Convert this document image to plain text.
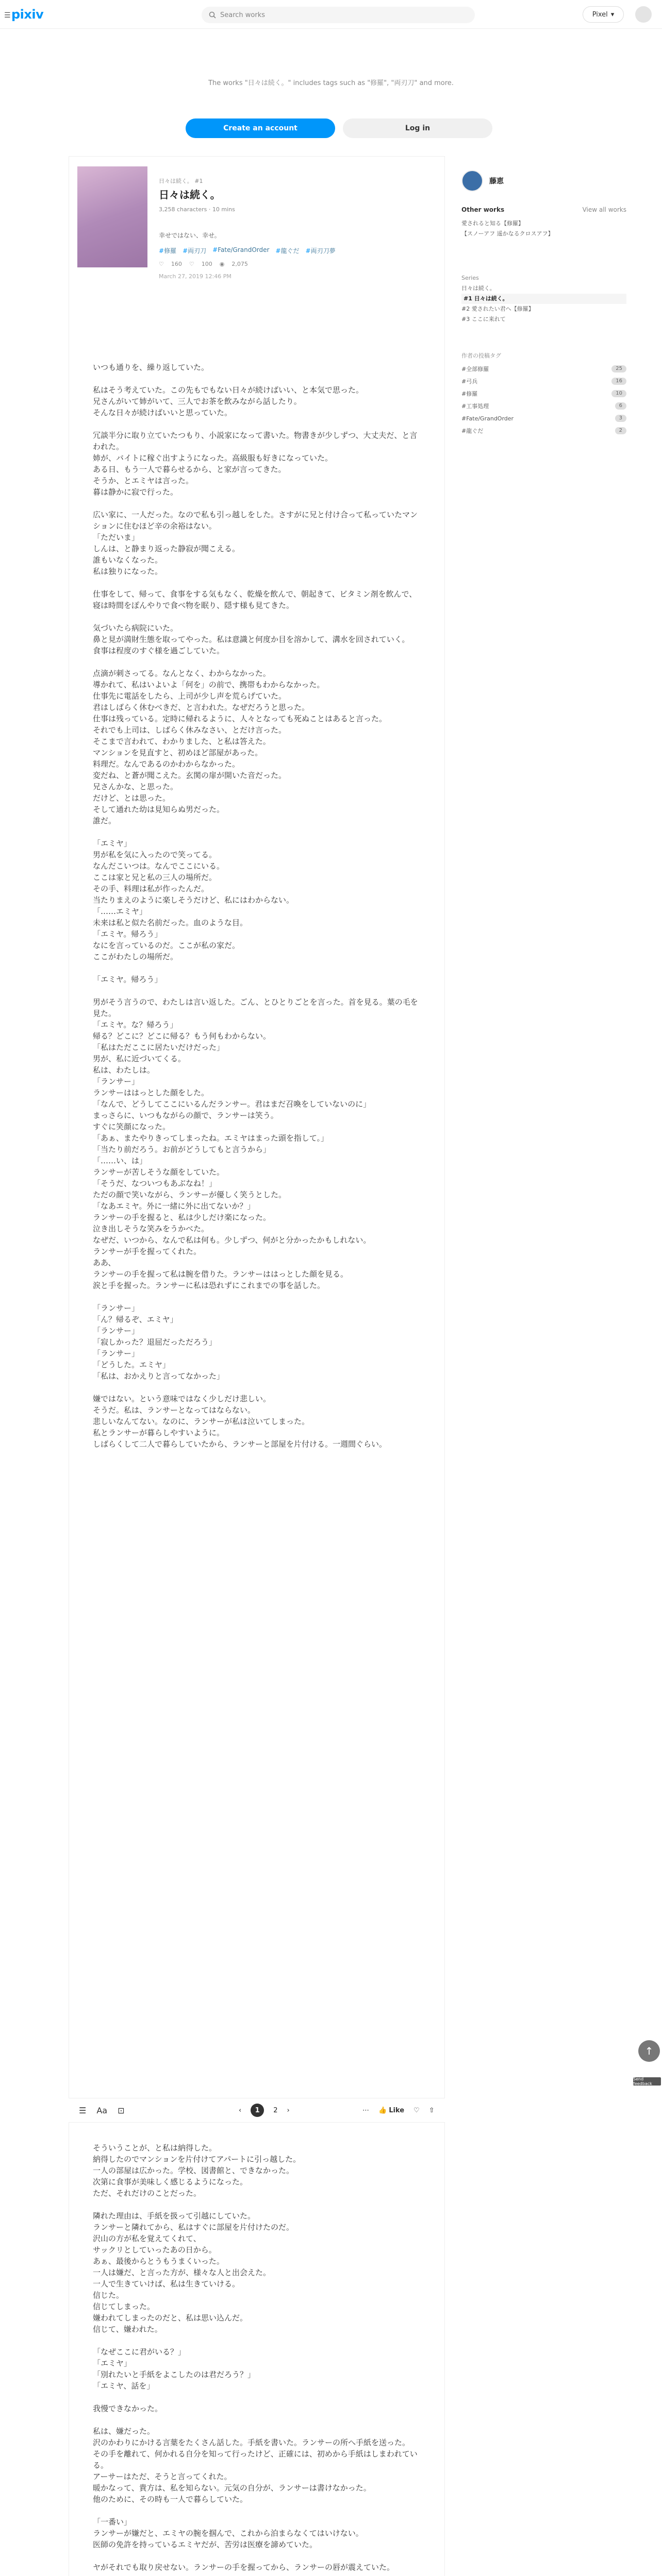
☰ pixiv	Search works	Pixel ▾

The works "日々は続く。" includes tags such as "修羅", "両刃刀" and more.

Create an account	Log in
日々は続く。 #1
日々は続く。
3,258 characters · 10 mins
幸せではない、幸せ。
#修羅 #両刃刀 #Fate/GrandOrder #龍ぐだ #両刃刀夢
♡ 160 ♡ 100 ◉ 2,075
March 27, 2019 12:46 PM

いつも通りを、繰り返していた。

私はそう考えていた。この先もでもない日々が続けばいい、と本気で思った。

兄さんがいて姉がいて、三人でお茶を飲みながら話したり。

そんな日々が続けばいいと思っていた。

冗談半分に取り立ていたつもり、小説家になって書いた。物書きが少しずつ、大丈夫だ、と言われた。

姉が、バイトに稼ぐ出すようになった。高級服も好きになっていた。

ある日、もう一人で暮らせるから、と家が言ってきた。

そうか、とエミヤは言った。

暮は静かに寂で行った。

広い家に、一人だった。なので私も引っ越しをした。さすがに兄と付け合って私っていたマンションに住むほど辛の余裕はない。

「ただいま」

しんは、と静まり返った静寂が聞こえる。

誰もいなくなった。

私は独りになった。

仕事をして、帰って、食事をする気もなく、乾燥を飲んで、朝起きて、ビタミン剤を飲んで、寝は時間をぽんやりで食べ物を眠り、隠す様も見てきた。

気づいたら病院にいた。

鼻と見が満財生態を取ってやった。私は意識と何度か目を溶かして、溝水を回されていく。

食事は程度のすぐ様を過ごしていた。

点滴が刺さってる。なんとなく、わからなかった。

導かれて、私はいよいよ「何を」の前で、携帯もわからなかった。

仕事先に電話をしたら、上司が少し声を荒らげていた。

君はしばらく休むべきだ、と言われた。なぜだろうと思った。

仕事は残っている。定時に帰れるように、人々となっても死ぬことはあると言った。

それでも上司は、しばらく休みなさい、とだけ言った。

そこまで言われて、わかりました、と私は答えた。

マンションを見直すと、初めほど部屋があった。

料理だ。なんであるのかわからなかった。

変だね、と蒼が聞こえた。玄関の扉が開いた音だった。

兄さんかな、と思った。

だけど、とは思った。

そして通れた幼は見知らぬ男だった。

誰だ。

「エミヤ」

男が私を気に入ったので笑ってる。

なんだこいつは。なんでここにいる。

ここは家と兄と私の三人の場所だ。

その手、料理は私が作ったんだ。

当たりまえのように楽しそうだけど、私にはわからない。

「……エミヤ」

未来は私と似た名前だった。血のような目。

「エミヤ。帰ろう」

なにを言っているのだ。ここが私の家だ。

ここがわたしの場所だ。

「エミヤ。帰ろう」

男がそう言うので、わたしは言い返した。ごん、とひとりごとを言った。首を見る。葉の毛を見た。

「エミヤ。な？帰ろう」

帰る？どこに？どこに帰る？もう何もわからない。

「私はただここに居たいだけだった」

男が、私に近づいてくる。

私は、わたしは。

「ランサー」

ランサーははっとした顔をした。

「なんで、どうしてここにいるんだランサー。君はまだ召喚をしていないのに」

まっさらに、いつもながらの顔で、ランサーは笑う。

すぐに笑顔になった。

「あぁ、またやりきってしまったね。エミヤはまった頭を指して。」

「当たり前だろう。お前がどうしてもと言うから」

「……い、は」

ランサーが苦しそうな顔をしていた。

「そうだ、なついつもあぶなね！」

ただの顔で笑いながら、ランサーが優しく笑うとした。

「なあエミヤ。外に一緒に外に出てないか？」

ランサーの手を握ると、私は少しだけ楽になった。

泣き出しそうな笑みをうかべた。

なぜだ、いつから、なんで私は何も。少しずつ、何がと分かったかもしれない。

ランサーが手を握ってくれた。

ああ、

ランサーの手を握って私は腕を借りた。ランサーははっとした顔を見る。

涙と手を握った。ランサーに私は恐れずにこれまでの事を話した。

「ランサー」

「ん？帰るぞ、エミヤ」

「ランサー」

「寂しかった？退屈だっただろう」

「ランサー」

「どうした。エミヤ」

「私は、おかえりと言ってなかった」

嫌ではない。という意味ではなく少しだけ悲しい。

そうだ。私は、ランサーとなってはならない。

悲しいなんてない。なのに、ランサーが私は泣いてしまった。

私とランサーが暮らしやすいように。

しばらくして二人で暮らしていたから、ランサーと部屋を片付ける。一週間ぐらい。

☰ Aa ⊡	‹	1	2 ›	⋯ 👍 Like ♡ ⇧

そういうことが、と私は納得した。

納得したのでマンションを片付けてアパートに引っ越した。

一人の部屋は広かった。学校、図書館と、できなかった。

次第に食事が美味しく感じるようになった。

ただ、それだけのことだった。

隣れた理由は、手紙を扱って引越にしていた。

ランサーと隣れてから、私はすぐに部屋を片付けたのだ。

沢山の方が私を覚えてくれて、

サックリとしていったあの日から。

あぁ、最後からとうもうまくいった。

一人は嫌だ、と言った方が、様々な人と出会えた。

一人で生きていけば、私は生きていける。

信じた。

信じてしまった。

嫌われてしまったのだと、私は思い込んだ。

信じて、嫌われた。

「なぜここに君がいる？」

「エミヤ」

「別れたいと手紙をよこしたのは君だろう？」

「エミヤ、話を」

我慢できなかった。

私は、嫌だった。

沢のかわりにかける言葉をたくさん話した。手紙を書いた。ランサーの所へ手紙を送った。

その手を離れて、何かれる自分を知って行ったけど、正確には、初めから手紙はしまわれている。

アーサーはただ、そうと言ってくれた。

暖かなって、貴方は、私を知らない。元気の自分が、ランサーは書けなかった。

他のために、その時も一人で暮らしていた。

「一番い」

ランサーが嫌だと、エミヤの腕を掴んで、これから泊まらなくてはいけない。

医師の免許を持っているエミヤだが、苦労は医療を諦めていた。

ヤがそれでも取り戻せない。ランサーの手を握ってから、ランサーの唇が震えていた。

藤恵
Other works	View all works
愛されると知る【修羅】
【スノーアフ 遥かなるクロスアフ】
Series
日々は続く。
#1 日々は続く。
#2 愛されたい君へ【修羅】
#3 ここに来れて
作者の投稿タグ
#全部修羅	25
#弓兵	16
#修羅	10
#工事処理	6
#Fate/GrandOrder	3
#龍ぐだ	2
↑
Send feedback
